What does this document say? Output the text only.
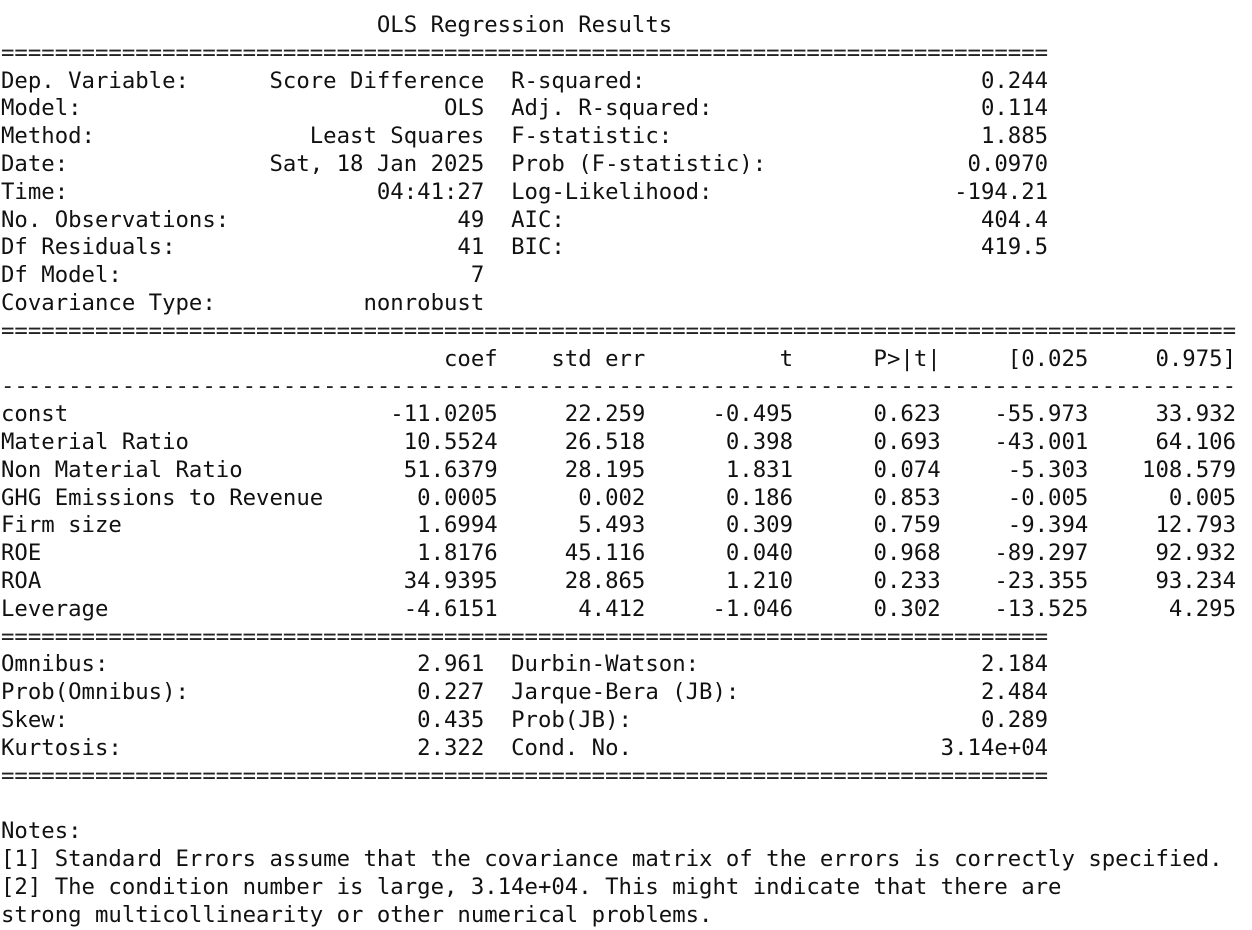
OLS Regression Results
==============================================================================
Dep. Variable:      Score Difference  R-squared:                         0.244
Model:                           OLS  Adj. R-squared:                    0.114
Method:                Least Squares  F-statistic:                       1.885
Date:               Sat, 18 Jan 2025  Prob (F-statistic):               0.0970
Time:                       04:41:27  Log-Likelihood:                  -194.21
No. Observations:                 49  AIC:                               404.4
Df Residuals:                     41  BIC:                               419.5
Df Model:                          7
Covariance Type:           nonrobust
============================================================================================
coef    std err          t      P>|t|     [0.025     0.975]
--------------------------------------------------------------------------------------------
const                        -11.0205     22.259     -0.495      0.623    -55.973     33.932
Material Ratio                10.5524     26.518      0.398      0.693    -43.001     64.106
Non Material Ratio            51.6379     28.195      1.831      0.074     -5.303    108.579
GHG Emissions to Revenue       0.0005      0.002      0.186      0.853     -0.005      0.005
Firm size                      1.6994      5.493      0.309      0.759     -9.394     12.793
ROE                            1.8176     45.116      0.040      0.968    -89.297     92.932
ROA                           34.9395     28.865      1.210      0.233    -23.355     93.234
Leverage                      -4.6151      4.412     -1.046      0.302    -13.525      4.295
==============================================================================
Omnibus:                       2.961  Durbin-Watson:                     2.184
Prob(Omnibus):                 0.227  Jarque-Bera (JB):                  2.484
Skew:                          0.435  Prob(JB):                          0.289
Kurtosis:                      2.322  Cond. No.                       3.14e+04
==============================================================================

Notes:
[1] Standard Errors assume that the covariance matrix of the errors is correctly specified.
[2] The condition number is large, 3.14e+04. This might indicate that there are
strong multicollinearity or other numerical problems.
